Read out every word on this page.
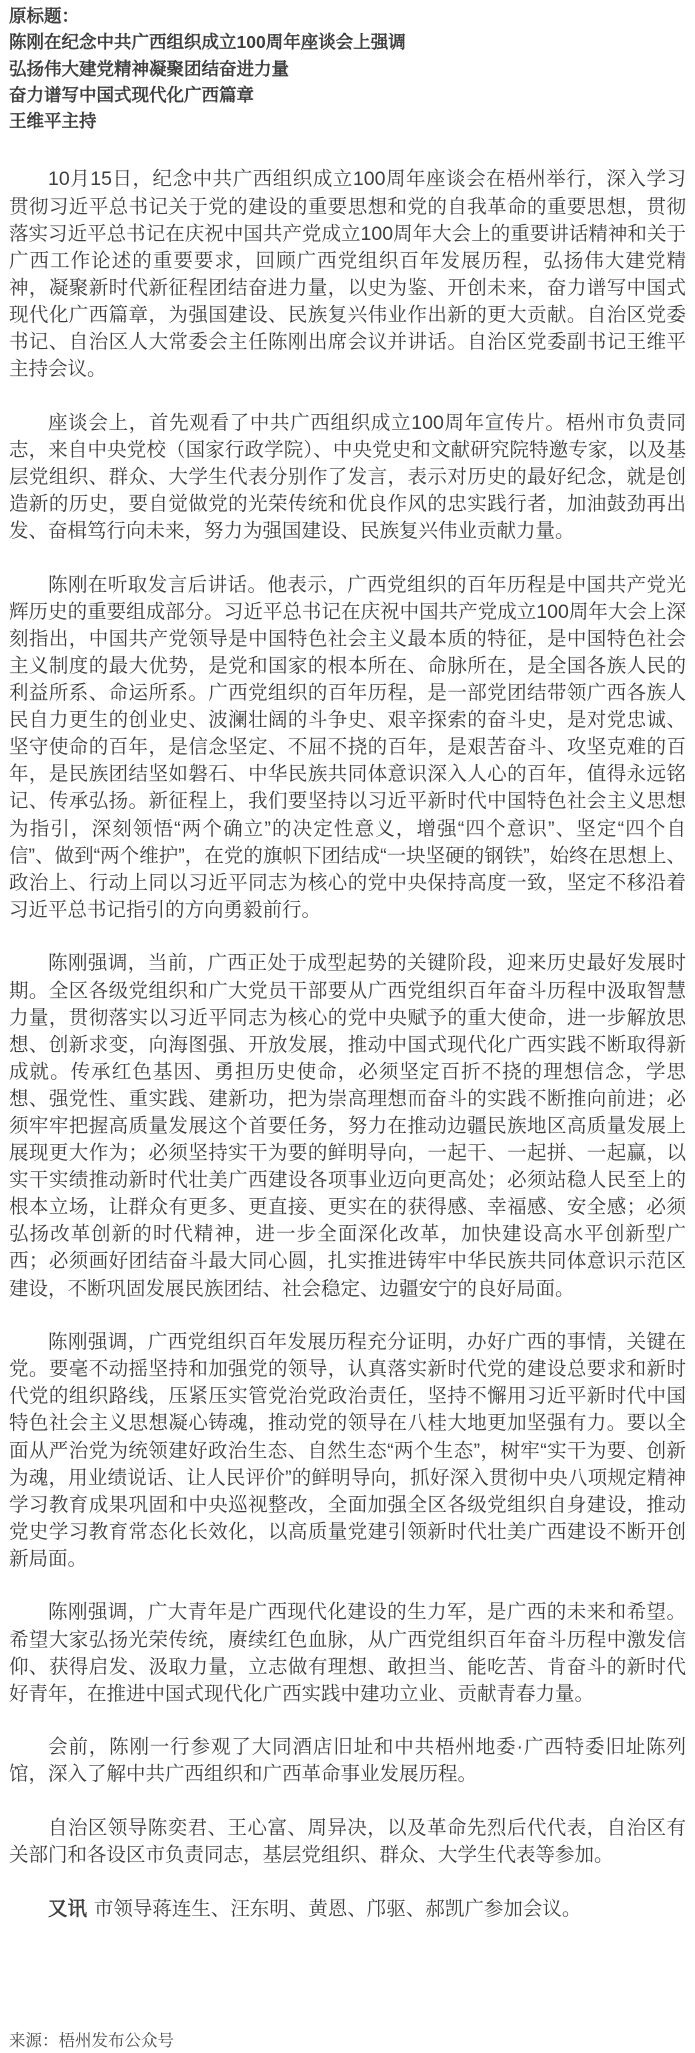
原标题：
陈刚在纪念中共广西组织成立100周年座谈会上强调
弘扬伟大建党精神凝聚团结奋进力量
奋力谱写中国式现代化广西篇章
王维平主持

10月15日，纪念中共广西组织成立100周年座谈会在梧州举行，深入学习贯彻习近平总书记关于党的建设的重要思想和党的自我革命的重要思想，贯彻落实习近平总书记在庆祝中国共产党成立100周年大会上的重要讲话精神和关于广西工作论述的重要要求，回顾广西党组织百年发展历程，弘扬伟大建党精神，凝聚新时代新征程团结奋进力量，以史为鉴、开创未来，奋力谱写中国式现代化广西篇章，为强国建设、民族复兴伟业作出新的更大贡献。自治区党委书记、自治区人大常委会主任陈刚出席会议并讲话。自治区党委副书记王维平主持会议。

座谈会上，首先观看了中共广西组织成立100周年宣传片。梧州市负责同志，来自中央党校（国家行政学院）、中央党史和文献研究院特邀专家，以及基层党组织、群众、大学生代表分别作了发言，表示对历史的最好纪念，就是创造新的历史，要自觉做党的光荣传统和优良作风的忠实践行者，加油鼓劲再出发、奋楫笃行向未来，努力为强国建设、民族复兴伟业贡献力量。

陈刚在听取发言后讲话。他表示，广西党组织的百年历程是中国共产党光辉历史的重要组成部分。习近平总书记在庆祝中国共产党成立100周年大会上深刻指出，中国共产党领导是中国特色社会主义最本质的特征，是中国特色社会主义制度的最大优势，是党和国家的根本所在、命脉所在，是全国各族人民的利益所系、命运所系。广西党组织的百年历程，是一部党团结带领广西各族人民自力更生的创业史、波澜壮阔的斗争史、艰辛探索的奋斗史，是对党忠诚、坚守使命的百年，是信念坚定、不屈不挠的百年，是艰苦奋斗、攻坚克难的百年，是民族团结坚如磐石、中华民族共同体意识深入人心的百年，值得永远铭记、传承弘扬。新征程上，我们要坚持以习近平新时代中国特色社会主义思想为指引，深刻领悟“两个确立”的决定性意义，增强“四个意识”、坚定“四个自信”、做到“两个维护”，在党的旗帜下团结成“一块坚硬的钢铁”，始终在思想上、政治上、行动上同以习近平同志为核心的党中央保持高度一致，坚定不移沿着习近平总书记指引的方向勇毅前行。

陈刚强调，当前，广西正处于成型起势的关键阶段，迎来历史最好发展时期。全区各级党组织和广大党员干部要从广西党组织百年奋斗历程中汲取智慧力量，贯彻落实以习近平同志为核心的党中央赋予的重大使命，进一步解放思想、创新求变，向海图强、开放发展，推动中国式现代化广西实践不断取得新成就。传承红色基因、勇担历史使命，必须坚定百折不挠的理想信念，学思想、强党性、重实践、建新功，把为崇高理想而奋斗的实践不断推向前进；必须牢牢把握高质量发展这个首要任务，努力在推动边疆民族地区高质量发展上展现更大作为；必须坚持实干为要的鲜明导向，一起干、一起拼、一起赢，以实干实绩推动新时代壮美广西建设各项事业迈向更高处；必须站稳人民至上的根本立场，让群众有更多、更直接、更实在的获得感、幸福感、安全感；必须弘扬改革创新的时代精神，进一步全面深化改革，加快建设高水平创新型广西；必须画好团结奋斗最大同心圆，扎实推进铸牢中华民族共同体意识示范区建设，不断巩固发展民族团结、社会稳定、边疆安宁的良好局面。

陈刚强调，广西党组织百年发展历程充分证明，办好广西的事情，关键在党。要毫不动摇坚持和加强党的领导，认真落实新时代党的建设总要求和新时代党的组织路线，压紧压实管党治党政治责任，坚持不懈用习近平新时代中国特色社会主义思想凝心铸魂，推动党的领导在八桂大地更加坚强有力。要以全面从严治党为统领建好政治生态、自然生态“两个生态”，树牢“实干为要、创新为魂，用业绩说话、让人民评价”的鲜明导向，抓好深入贯彻中央八项规定精神学习教育成果巩固和中央巡视整改，全面加强全区各级党组织自身建设，推动党史学习教育常态化长效化，以高质量党建引领新时代壮美广西建设不断开创新局面。

陈刚强调，广大青年是广西现代化建设的生力军，是广西的未来和希望。希望大家弘扬光荣传统，赓续红色血脉，从广西党组织百年奋斗历程中激发信仰、获得启发、汲取力量，立志做有理想、敢担当、能吃苦、肯奋斗的新时代好青年，在推进中国式现代化广西实践中建功立业、贡献青春力量。

会前，陈刚一行参观了大同酒店旧址和中共梧州地委·广西特委旧址陈列馆，深入了解中共广西组织和广西革命事业发展历程。

自治区领导陈奕君、王心富、周异决，以及革命先烈后代代表，自治区有关部门和各设区市负责同志，基层党组织、群众、大学生代表等参加。

又讯 市领导蒋连生、汪东明、黄恩、邝驱、郝凯广参加会议。

来源：梧州发布公众号
